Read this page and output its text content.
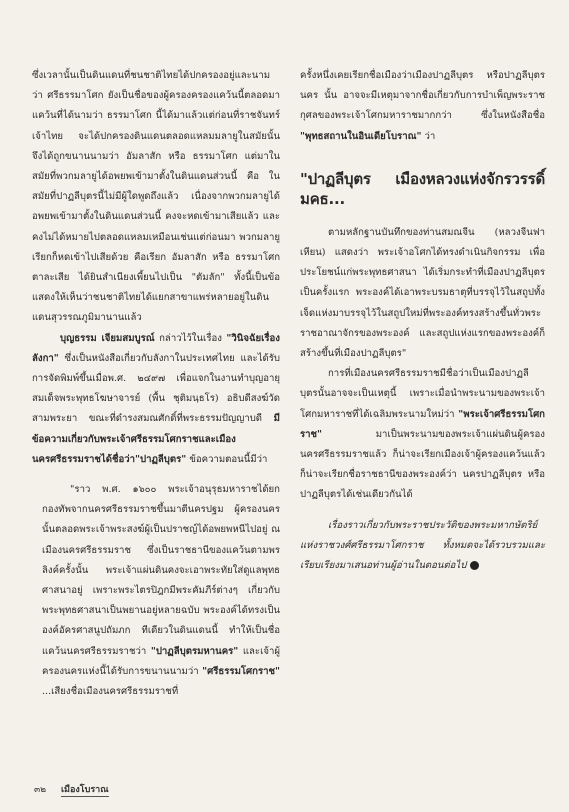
ซึ่งเวลานั้นเป็นดินแดนที่ชนชาติไทยได้ปกครองอยู่และนามว่า ศรีธรรมาโศก ยังเป็นชื่อของผู้ครองครองแคว้นนี้ตลอดมา แคว้นที่ได้นามว่า ธรรมาโศก นี้ได้มาแล้วแต่ก่อนที่ราชจันทร์ เจ้าไทย จะได้ปกครองดินแดนตลอดแหลมมลายูในสมัยนั้น จึงได้ถูกขนานนามว่า อัมลาสัก หรือ ธรรมาโศก แต่มาในสมัยที่พวกมลายูได้อพยพเข้ามาตั้งในดินแดนส่วนนี้ คือ ในสมัยที่ปาฏลีบุตรนี้ไม่มีผู้ใดพูดถึงแล้ว เนื่องจากพวกมลายูได้อพยพเข้ามาตั้งในดินแดนส่วนนี้ คงจะหดเข้ามาเสียแล้ว และคงไม่ได้หมายไปตลอดแหลมเหมือนเช่นแต่ก่อนมา พวกมลายูเรียกก็หดเข้าไปเสียด้วย คือเรียก อัมลาสัก หรือ ธรรมาโศก ตาละเสีย ได้ยินสำเนียงเพี้ยนไปเป็น "ตัมลัก" ทั้งนี้เป็นข้อแสดงให้เห็นว่าชนชาติไทยได้แยกสาขาแพร่หลายอยู่ในดินแดนสุวรรณภูมิมานานแล้ว

บุญธรรม เจียมสมบูรณ์ กล่าวไว้ในเรื่อง "วินิจฉัยเรื่องลังกา" ซึ่งเป็นหนังสือเกี่ยวกับลังกาในประเทศไทย และได้รับการจัดพิมพ์ขึ้นเมื่อพ.ศ. ๒๔๙๗ เพื่อแจกในงานทำบุญอายุสมเด็จพระพุทธโฆษาจารย์ (พื้น ชุติมนฺธโร) อธิบดีสงฆ์วัดสามพระยา ขณะที่ดำรงสมณศักดิ์ที่พระธรรมปัญญาบดี มีข้อความเกี่ยวกับพระเจ้าศรีธรรมโศกราชและเมืองนครศรีธรรมราชได้ชื่อว่า"ปาฏลีบุตร" ข้อความตอนนี้มีว่า

"ราว พ.ศ. ๑๖๐๐ พระเจ้าอนุรุธมหาราชได้ยกกองทัพจากนครศรีธรรมราชขึ้นมาตีนครปฐม ผู้ครองนครนั้นตลอดพระเจ้าพระสงฆ์ผู้เป็นปราชญ์ได้อพยพหนีไปอยู่ ณ เมืองนครศรีธรรมราช ซึ่งเป็นราชธานีของแคว้นตามพรลิงค์ครั้งนั้น พระเจ้าแผ่นดินคงจะเอาพระทัยใส่ดูแลพุทธศาสนาอยู่ เพราะพระไตรปิฎกมีพระคัมภีร์ต่างๆ เกี่ยวกับพระพุทธศาสนาเป็นพยานอยู่หลายฉบับ พระองค์ได้ทรงเป็นองค์อัครศาสนูปถัมภก ทีเดียวในดินแดนนี้ ทำให้เป็นชื่อแคว้นนครศรีธรรมราชว่า "ปาฏลีบุตรมหานคร" และเจ้าผู้ครองนครแห่งนี้ได้รับการขนานนามว่า "ศรีธรรมโศกราช" ...เสียงชื่อเมืองนครศรีธรรมราชที่

ครั้งหนึ่งเคยเรียกชื่อเมืองว่าเมืองปาฏลีบุตร หรือปาฏลีบุตรนคร นั้น อาจจะมีเหตุมาจากชื่อเกี่ยวกับการบำเพ็ญพระราชกุศลของพระเจ้าโศกมหาราชมากกว่า ซึ่งในหนังสือชื่อ "พุทธสถานในอินเดียโบราณ" ว่า

"ปาฏลีบุตร เมืองหลวงแห่งจักรวรรดิ์มคธ...

ตามหลักฐานบันทึกของท่านสมณจีน (หลวงจีนฟาเหียน) แสดงว่า พระเจ้าอโศกได้ทรงดำเนินกิจกรรม เพื่อประโยชน์แก่พระพุทธศาสนา ได้เริ่มกระทำที่เมืองปาฏลีบุตรเป็นครั้งแรก พระองค์ได้เอาพระบรมธาตุที่บรรจุไว้ในสถูปทั้งเจ็ดแห่งมาบรรจุไว้ในสถูปใหม่ที่พระองค์ทรงสร้างขึ้นทั่วพระราชอาณาจักรของพระองค์ และสถูปแห่งแรกของพระองค์ก็สร้างขึ้นที่เมืองปาฏลีบุตร"

การที่เมืองนครศรีธรรมราชมีชื่อว่าเป็นเมืองปาฏลีบุตรนั้นอาจจะเป็นเหตุนี้ เพราะเมื่อนำพระนามของพระเจ้าโศกมหาราชที่ได้เฉลิมพระนามใหม่ว่า "พระเจ้าศรีธรรมโศกราช" มาเป็นพระนามของพระเจ้าแผ่นดินผู้ครองนครศรีธรรมราชแล้ว ก็น่าจะเรียกเมืองเจ้าผู้ครองแคว้นแล้ว ก็น่าจะเรียกชื่อราชธานีของพระองค์ว่า นครปาฏลีบุตร หรือปาฏลีบุตรได้เช่นเดียวกันได้

เรื่องราวเกี่ยวกับพระราชประวัติของพระมหากษัตริย์แห่งราชวงศ์ศรีธรรมาโศกราช ทั้งหมดจะได้รวบรวมและเรียบเรียงมาเสนอท่านผู้อ่านในตอนต่อไป

๓๒ เมืองโบราณ
